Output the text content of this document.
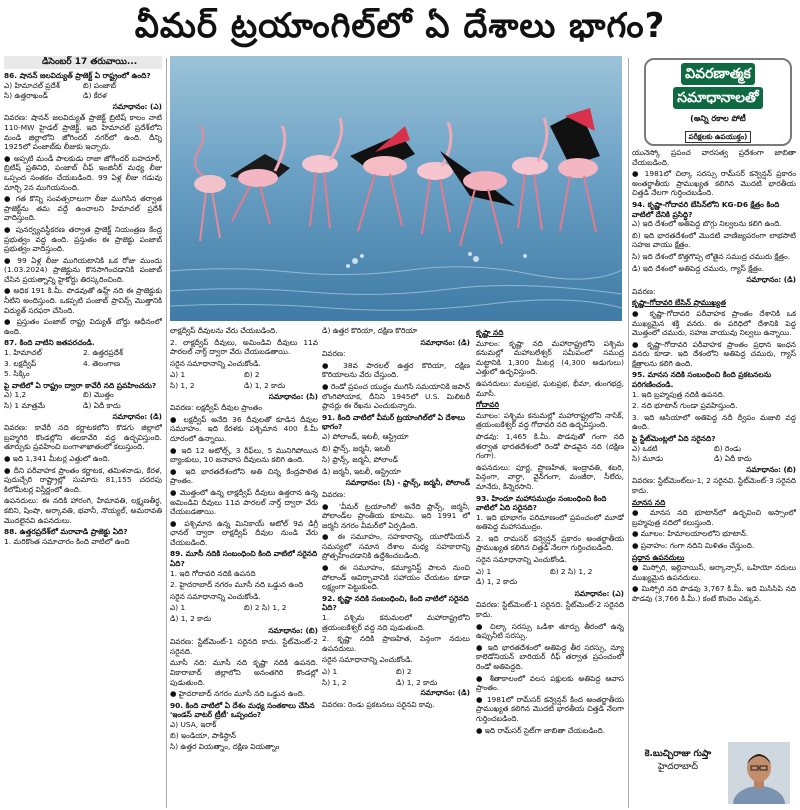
వీమర్ ట్రయాంగిల్‌లో ఏ దేశాలు భాగం?
డిసెంబర్ 17 తరువాయి...
86. షానన్ జలవిద్యుత్ ప్రాజెక్ట్ ఏ రాష్ట్రంలో ఉంది?
ఎ) హిమాచల్ ప్రదేశ్	బి) పంజాబ్
సి) ఉత్తరాఖండ్	డి) కేరళ
సమాధానం: (ఎ)

వివరణ: షానన్ జలవిద్యుత్ ప్రాజెక్ట్ బ్రిటిష్ కాలం నాటి 110-MW హైడల్ ప్రాజెక్ట్. ఇది హిమాచల్ ప్రదేశ్‌లోని మండి జిల్లాలోని జోగిందర్ నగర్‌లో ఉంది. దీన్ని 1925లో పంజాబ్‌కు లీజుకు ఇచ్చారు.

● అప్పటి మండీ పాలకుడు రాజా జోగీందర్ బహదూర్, బ్రిటిష్ ప్రతినిధి, పంజాబ్ చీఫ్ ఇంజినీర్ మధ్య లీజు ఒప్పంద సంతకం చేయబడింది. 99 ఏళ్ల లీజు గడువు మార్చి 2న ముగియనుంది.

● గత కొన్ని సంవత్సరాలుగా లీజు ముగిసిన తర్వాత ప్రాజెక్ట్‌ను తమ వద్దే ఉంచాలని హిమాచల్ ప్రదేశ్ వాదిస్తుంది.

● పునర్వ్యవస్థీకరణ తర్వాత ప్రాజెక్ట్ నియంత్రణ కేంద్ర ప్రభుత్వం వద్ద ఉంది. ప్రస్తుతం ఈ ప్రాజెక్టు పంజాబ్ ప్రభుత్వం వాదిస్తుంది.

● 99 ఏళ్ల లీజు ముగియటానికి ఒక రోజు ముందు (1.03.2024) ప్రాజెక్టును కొనసాగించడానికి పంజాబ్ చేసిన ప్రయత్నాన్ని హైకోర్టు తిరస్కరించింది.

● అధిక 191 కి.మీ. పొడవుతో ఉహ్ల్ నది ఈ ప్రాజెక్టుకు నీటిని అందిస్తుంది. ఒకప్పటి పంజాబ్ ప్రావిన్స్ మొత్తానికి విద్యుత్ సరఫరా చేసింది.

● ప్రస్తుతం పంజాబ్ రాష్ట్ర విద్యుత్ బోర్డు ఆధీనంలో ఉంది.

87. కింది వాటిని జతపరచండి.
1. హిమాచల్	2. ఉత్తరప్రదేశ్
3. లక్షద్వీప్	4. తెలంగాణ

5. సిక్కిం

పై వాటిలో ఏ రాష్ట్రం ద్వారా కావేరీ నది ప్రవహించదు?
ఎ) 1,2	బి) మొత్తం
సి) 1 మాత్రమే	డి) ఏదీ కాదు
సమాధానం: (డి)

వివరణ: కావేరీ నది కర్ణాటకలోని కొడగు జిల్లాలో బ్రహ్మగిరి కొండల్లోని తలకావేరి వద్ద ఉద్భవిస్తుంది. తూర్పుకు ప్రవహించి బంగాళాఖాతంలో కలుస్తుంది.

● ఇది 1,341 మీటర్ల ఎత్తులో ఉంది.

● దీని పరీవాహక ప్రాంతం కర్ణాటక, తమిళనాడు, కేరళ, పుదుచ్చేరి రాష్ట్రాల్లో సుమారు 81,155 చదరపు కిలోమీటర్ల విస్తీర్ణంలో ఉంది.

ఉపనదులు: ఈ నదికి హారంగి, హేమావతి, లక్ష్మణతీర్థ, కబిని, షింషా, అర్కావతి, భవానీ, నొయ్యల్, అమరావతి మొదలైనవి ఉపనదులు.

88. ఉత్తరప్రదేశ్‌లో మరావాడి ప్రాజెక్టు ఏది?

1. మరికొంత సమాచారం కింది వాటిలో ఉంది

లాక్షద్వీప్ దీవులను వేరు చేయబడింది.

2. లాక్షద్వీప్ దీవులు, అమిండివి దీవులు 11వ పారలల్ నార్త్ ద్వారా వేరు చేయబడతాయి.

సరైన సమాధానాన్ని ఎంచుకోండి.

ఎ) 1	బి) 2
సి) 1, 2	డి) 1, 2 కాదు
సమాధానం: (సి)

వివరణ: లక్షద్వీప్ దీవుల ప్రాంతం

● లక్షద్వీప్ అనేది 36 దీవులతో కూడిన దీవుల సమూహం. ఇది కేరళకు పశ్చిమాన 400 కి.మీ దూరంలో ఉన్నాయి.

● ఇది 12 అటోల్స్, 3 రీఫ్‌లు, 5 మునిగిపోయిన బ్యాంకులు, 10 జనావాస దీవులను కలిగి ఉంది.

● ఇది భారతదేశంలోని అతి చిన్న కేంద్రపాలిత ప్రాంతం.

● మొత్తంలో ఉన్న లాక్షద్వీప్ దీవులు ఉత్తరాన ఉన్న అమిండివి దీవులు 11వ పారలల్ నార్త్ ద్వారా వేరు చేయబడతాయి.

● పశ్చిమాన ఉన్న మినికాయ్ అటోల్ 9వ డిగ్రీ ఛానల్ ద్వారా లాక్షద్వీప్ దీవుల నుండి వేరు చేయబడింది.

89. మూసీ నదికి సంబంధించి కింది వాటిలో సరైనది ఏది?

1. ఇది గోదావరి నదికి ఉపనది

2. హైదరాబాద్ నగరం మూసీ నది ఒడ్డున ఉంది

సరైన సమాధానాన్ని ఎంచుకోండి.

ఎ) 1	బి) 2 సి) 1, 2

డి) 1, 2 కాదు

సమాధానం: (బి)

వివరణ: స్టేట్‌మెంట్-1 సరైనది కాదు. స్టేట్‌మెంట్-2 సరైనది.

మూసీ నది: మూసీ నది కృష్ణా నదికి ఉపనది. వికారాబాద్ జిల్లాలోని అనంతగిరి కొండల్లో పుడుతుంది.

● హైదరాబాద్ నగరం మూసీ నది ఒడ్డున ఉంది.

90. కింది వాటిలో ఏ దేశం మధ్య సంతకాలు చేసిన 'ఇండస్ వాటర్ ట్రీటీ' ఒప్పందం?
ఎ) USA, ఇరాక్

బి) ఇండియా, పాకిస్థాన్

సి) ఉత్తర వియత్నాం, దక్షిణ వియత్నాం

డి) ఉత్తర కొరియా, దక్షిణ కొరియా

సమాధానం: (డి)

వివరణ:

● 38వ పారలల్ ఉత్తర కొరియా, దక్షిణ కొరియాలను వేరు చేస్తుంది.

● రెండో ప్రపంచ యుద్ధం ముగిసే సమయానికి జపాన్ లొంగిపోయాక, దీనిని 1945లో U.S. మిలిటరీ ప్లానర్లు ఈ రేఖను ఎంచుకున్నారు.

91. కింది వాటిలో వీమర్ ట్రయాంగిల్‌లో ఏ దేశాలు భాగం?

ఎ) పోలాండ్, ఇటలీ, ఆస్ట్రియా

బి) ఫ్రాన్స్, జర్మనీ, ఇటలీ

సి) ఫ్రాన్స్, జర్మనీ, పోలాండ్

డి) జర్మనీ, ఇటలీ, ఆస్ట్రియా

సమాధానం: (సి) - ఫ్రాన్స్, జర్మనీ, పోలాండ్

వివరణ:

● 'వీమర్ ట్రయాంగిల్' అనేది ఫ్రాన్స్, జర్మనీ, పోలాండ్‌ల ప్రాంతీయ కూటమి. ఇది 1991 లో జర్మనీ నగరం వీమర్‌లో ఏర్పడింది.

● ఈ సమూహం, సహకారాన్ని, యూరోపియన్ సమస్యలో సమాన దేశాల మధ్య సహకారాన్ని ప్రోత్సహించడానికి ఉద్దేశించబడింది.

● ఈ సమూహం, కమ్యూనిస్ట్ పాలన నుంచి పోలాండ్ ఆవిర్భావానికి సహాయం చేయటం కూడా లక్ష్యంగా పెట్టుకుంది.

92. కృష్ణా నదికి సంబంధించి, కింది వాటిలో సరైనది ఏది?

1. పశ్చిమ కనుమలలో మహారాష్ట్రలోని త్రయంబకేశ్వర్ వద్ద నది పుడుతుంది.

2. కృష్ణా నదికి ప్రాణహిత, పెన్గంగా నదులు ఉపనదులు.

సరైన సమాధానాన్ని ఎంచుకోండి.

ఎ) 1	బి) 2
సి) 1, 2	డి) 1, 2 కాదు
సమాధానం: (డి)

వివరణ: రెండు ప్రకటనలు సరైనవి కావు.

కృష్ణా నది

మూలం: కృష్ణా నది మహారాష్ట్రలోని పశ్చిమ కనుమల్లో మహాబలేశ్వర్ సమీపంలో సముద్ర మట్టానికి 1,300 మీటర్ల (4,300 అడుగులు) ఎత్తులో ఉద్భవిస్తుంది.

ఉపనదులు: మలప్రభ, ఘటప్రభ, భీమా, తుంగభద్ర, మూసీ.

గోదావరి

మూలం: పశ్చిమ కనుమల్లో మహారాష్ట్రలోని నాసిక్, త్రయంబకేశ్వర్ వద్ద గోదావరి నది ఉద్భవిస్తుంది.

పొడవు: 1,465 కి.మీ. పొడవుతో గంగా నది తర్వాత భారతదేశంలో రెండో పొడవైన నది (దక్షిణ గంగా).

ఉపనదులు: పూర్ణ, ప్రాణహిత, ఇంద్రావతి, శబరి, పెన్గంగా, వార్ధా, వైన్‌గంగా, మంజీరా, సీలేరు, మానేరు, కిన్నెరసాని.

93. హిందూ మహాసముద్రం సంబంధించి కింది వాటిలో ఏది సరైనది?

1. ఇది భూభాగం పరిమాణంలో ప్రపంచంలో మూడో అతిపెద్ద మహాసముద్రం.

2. ఇది రామసర్ కన్వెన్షన్ ప్రకారం అంతర్జాతీయ ప్రాముఖ్యత కలిగిన చిత్తడి నేలగా గుర్తించబడింది.

సరైన సమాధానాన్ని ఎంచుకోండి.

ఎ) 1	బి) 2 సి) 1, 2

డి) 1, 2 కాదు

సమాధానం: (ఎ)

వివరణ: స్టేట్‌మెంట్-1 సరైనది. స్టేట్‌మెంట్-2 సరైనది కాదు.

● చిల్కా సరస్సు ఒడిశా తూర్పు తీరంలో ఉన్న ఉప్పునీటి సరస్సు.

● ఇది భారతదేశంలో అతిపెద్ద తీర సరస్సు, న్యూ కాలెడోనియన్ బారియర్ రీఫ్ తర్వాత ప్రపంచంలో రెండో అతిపెద్దది.

● శీతాకాలంలో వలస పక్షులకు అతిపెద్ద ఆవాస ప్రాంతం.

● 1981లో రామ్‌సర్ కన్వెన్షన్ కింద అంతర్జాతీయ ప్రాముఖ్యత కలిగిన మొదటి భారతీయ చిత్తడి నేలగా గుర్తించబడింది.

● ఇది రామ్‌సర్ సైట్‌గా జాబితా చేయబడింది.

వివరణాత్మక
సమాధానాలతో
(అన్ని రకాల పోటీ
పరీక్షలకు ఉపయుక్తం)

యునెస్కో ప్రపంచ వారసత్వ ప్రదేశంగా జాబితా చేయబడింది.

● 1981లో చిల్కా సరస్సు రామ్‌సర్ కన్వెన్షన్ ప్రకారం అంతర్జాతీయ ప్రాముఖ్యత కలిగిన మొదటి భారతీయ చిత్తడి నేలగా గుర్తించబడింది.

94. కృష్ణా-గోదావరి బేసిన్‌లోని KG-D6 క్షేత్రం కింది వాటిలో దేనికి ప్రసిద్ధి?

ఎ) ఇది దేశంలో అతిపెద్ద బొగ్గు నిల్వలను కలిగి ఉంది.

బి) ఇది భారతదేశంలో మొదటి వాణిజ్యపరంగా లాభసాటి సహజ వాయు క్షేత్రం.

సి) ఇది దేశంలో కొత్తగొప్ప లోతైన సముద్ర చమురు క్షేత్రం.

డి) ఇది దేశంలో అతిపెద్ద చమురు, గ్యాస్ క్షేత్రం.

సమాధానం: (డి)

వివరణ:

కృష్ణా-గోదావరి బేసిన్ ప్రాముఖ్యత

● కృష్ణా-గోదావరి పరీవాహక ప్రాంతం దేశానికి ఒక ముఖ్యమైన శక్తి వనరు. ఈ పరిధిలో దేశానికి పెద్ద మొత్తంలో చమురు, సహజ వాయువు నిల్వలు ఉన్నాయి.

● కృష్ణా-గోదావరి పరీవాహక ప్రాంతం ప్రధాన ఇంధన వనరు కూడా. ఇది దేశంలోని అతిపెద్ద చమురు, గ్యాస్ క్షేత్రాలను కలిగి ఉంది.

95. మానస నదికి సంబంధించి కింది ప్రకటనలను పరిగణించండి.

1. ఇది బ్రహ్మపుత్ర నదికి ఉపనది.

2. నది భూటాన్ గుండా ప్రవహిస్తుంది.

3. ఇది ఆసియాలో అతిపెద్ద నదీ ద్వీపం మజులి వద్ద ఉంది.

పై స్టేట్‌మెంట్లలో ఏది సరైనది?
ఎ) ఒకటి	బి) రెండు
సి) మూడు	డి) ఏదీ కాదు
సమాధానం: (బి)

వివరణ: స్టేట్‌మెంట్‌లు-1, 2 సరైనవి. స్టేట్‌మెంట్-3 సరైనది కాదు.

మానస నది

● మానస నది భూటాన్‌లో ఉద్భవించి అస్సాంలో బ్రహ్మపుత్ర నదిలో కలుస్తుంది.

● మూలం: హిమాలయాలలోని భూటాన్.

● ప్రవాహం: గంగా నదిని మిళితం చేస్తుంది.

ప్రధాన ఉపనదులు

● మిస్సోరి, ఇల్లినాయిస్, అర్కాన్సాస్, ఒహియో నదులు ముఖ్యమైన ఉపనదులు.

● మిస్సోరి నది పొడవు 3,767 కి.మీ. ఇది మిసిసిపి నది పొడవు (3,766 కి.మీ.) కంటే కొంచెం ఎక్కువ.

కె.బుచ్చిరాజు గుప్తా
హైదరాబాద్
